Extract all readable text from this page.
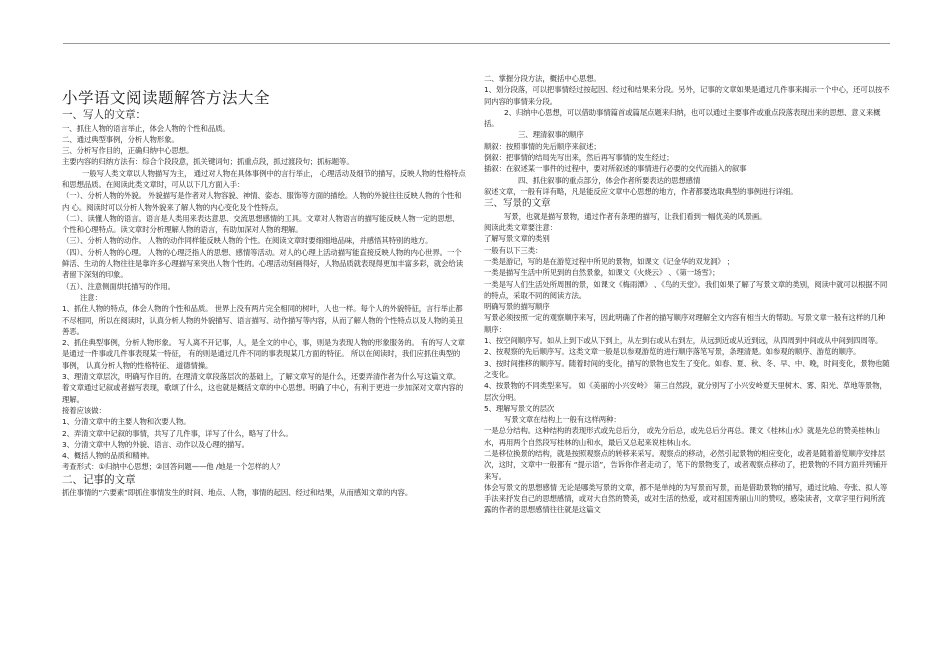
小学语文阅读题解答方法大全

一、写人的文章：

一、抓住人物的语言举止，体会人物的个性和品质。

二、通过典型事例，分析人物形象。

三、分析写作目的，正确归纳中心思想。

主要内容的归纳方法有：综合个段段意，抓关键词句；抓重点段，抓过渡段句；抓标题等。

一般写人类文章以人物描写为主， 通过对人物在具体事例中的言行举止， 心理活动及细节的描写，反映人物的性格特点和思想品质。在阅读此类文章时，可从以下几方面入手：

（一）、分析人物的外貌。 外貌描写是作者对人物容貌、神情、姿态、服饰等方面的描绘。人物的外貌往往反映人物的个性和内 心。阅读时可以分析人物外貌来了解人物的内心变化及个性特点。

（二）、读懂人物的语言。语言是人类用来表达意思、交流思想感情的工具。文章对人物语言的描写能反映人物一定的思想、个性和心理特点。读文章时分析理解人物的语言，有助加深对人物的理解。

（三）、分析人物的动作。 人物的动作同样能反映人物的个性。在阅读文章时要细细地品味，并感悟其特别的地方。

（四）、分析人物的心理。 人物的心理泛指人的思想、感情等活动。对人的心理上活动描写能直接反映人物的内心世界。一个鲜活、生动的人物往往是靠许多心理描写来突出人物个性的。心理活动刻画得好，人物品质就表现得更加丰富多彩，就会给读者留下深刻的印象。

（五）、注意侧面烘托描写的作用。

注意：

1、抓住人物的特点，体会人物的个性和品质。 世界上没有两片完全相同的树叶，人也一样。每个人的外貌特征，言行举止都不尽相同，所以在阅读时，认真分析人物的外貌描写、语言描写、动作描写等内容，从而了解人物的个性特点以及人物的美丑善恶。

2、抓住典型事例，分析人物形象。 写人离不开记事，人，是全文的中心，事，则是为表现人物的形象服务的。 有的写人文章是通过一件事或几件事表现某一特征， 有的则是通过几件不同的事表现某几方面的特征。 所以在阅读时，我们应抓住典型的事例， 认真分析人物的性格特征、 道德情操。

3、理清文章层次，明确写作目的。在理清文章段落层次的基础上，了解文章写的是什么，还要弄清作者为什么写这篇文章。着文章通过记叙或者描写表现，歌颂了什么，这也就是概括文章的中心思想。明确了中心，有利于更进一步加深对文章内容的理解。

接着应该做：

1、分清文章中的主要人物和次要人物。

2、弄清文章中记叙的事情，共写了几件事，详写了什么，略写了什么。

3、分清文章中人物的外貌、语言、动作以及心理的描写。

4、概括人物的品质和精神。

考查形式：①归纳中心思想；②回答问题——他 /她是一个怎样的人？

二、记事的文章

抓住事情的“六要素”即抓住事情发生的时间、地点、人物，事情的起因、经过和结果，从而感知文章的内容。

二、掌握分段方法，概括中心思想。

1、划分段落，可以把事情经过按起因、经过和结果来分段。另外，记事的文章如果是通过几件事来揭示一个中心，还可以按不同内容的事情来分段。

2、归纳中心思想，可以借助事情篇首或篇尾点题来归纳，也可以通过主要事件或重点段落表现出来的思想、意义来概括。

三、理清叙事的顺序

顺叙：按照事情的先后顺序来叙述；

倒叙：把事情的结局先写出来，然后再写事情的发生经过；

插叙：在叙述某一事件的过程中，要对所叙述的事情进行必要的交代而插入的叙事

四、抓住叙事的重点部分，体会作者所要表达的思想感情

叙述文章，一般有详有略，凡是能反应文章中心思想的地方，作者都要选取典型的事例进行详细。

三、写景的文章

写景，也就是描写景物，通过作者有条理的描写，让我们看到一幅优美的风景画。

阅读此类文章要注意：

了解写景文章的类别

一般有以下三类：

一类是游记，写的是在游览过程中所见的景物，如课文《记金华的双龙洞》 ；

一类是描写生活中所见到的自然景象，如课文《火烧云》 、《第一场雪》；

一类是写人们生活处所周围的景，如课文《梅雨潭》 、《鸟的天堂》。我们如果了解了写景文章的类别，阅读中就可以根据不同的特点，采取不同的阅读方法。

明确写景的描写顺序

写景必须按照一定的观察顺序来写，因此明确了作者的描写顺序对理解全文内容有相当大的帮助。写景文章一般有这样的几种顺序：

1、按空间顺序写。如从上到下或从下到上，从左到右或从右到左，从远到近或从近到远，从四周到中间或从中间到四周等。

2、按观察的先后顺序写。这类文章一般是以参观游览的进行顺序落笔写景，条理清楚。如参观的顺序、游览的顺序。

3、按时间推移的顺序写。随着时间的变化，描写的景物也发生了变化。如春、夏、秋、冬、早、中、晚，时间变化，景物也随之变化。

4、按景物的不同类型来写。 如《美丽的小兴安岭》 第三自然段，就分别写了小兴安岭夏天里树木、雾、阳光、草地等景物，层次分明。

5、理解写景文的层次

写景文章在结构上一般有这样两种：

一是总分结构。这种结构的表现形式或先总后分， 或先分后总，或先总后分再总。课文《桂林山水》就是先总的赞美桂林山水，再用两个自然段写桂林的山和水，最后又总起来说桂林山水。

二是移位换景的结构，就是按照观察点的转移来采写。观察点的移动，必然引起景物的相应变化，或者是随着游览顺序安排层次，这时，文章中一般都有 “提示语”，告诉你作者走动了，笔下的景物变了，或者观察点移动了，把景物的不同方面并列铺开来写。

体会写景文的思想感情 无论是哪类写景的文章，都不是单纯的为写景而写景，而是借助景物的描写，通过比喻、夸张、拟人等手法来抒发自己的思想感情，或对大自然的赞美，或对生活的热爱，或对祖国秀丽山川的赞叹，感染读者，文章字里行间所流露的作者的思想感情往往就是这篇文
